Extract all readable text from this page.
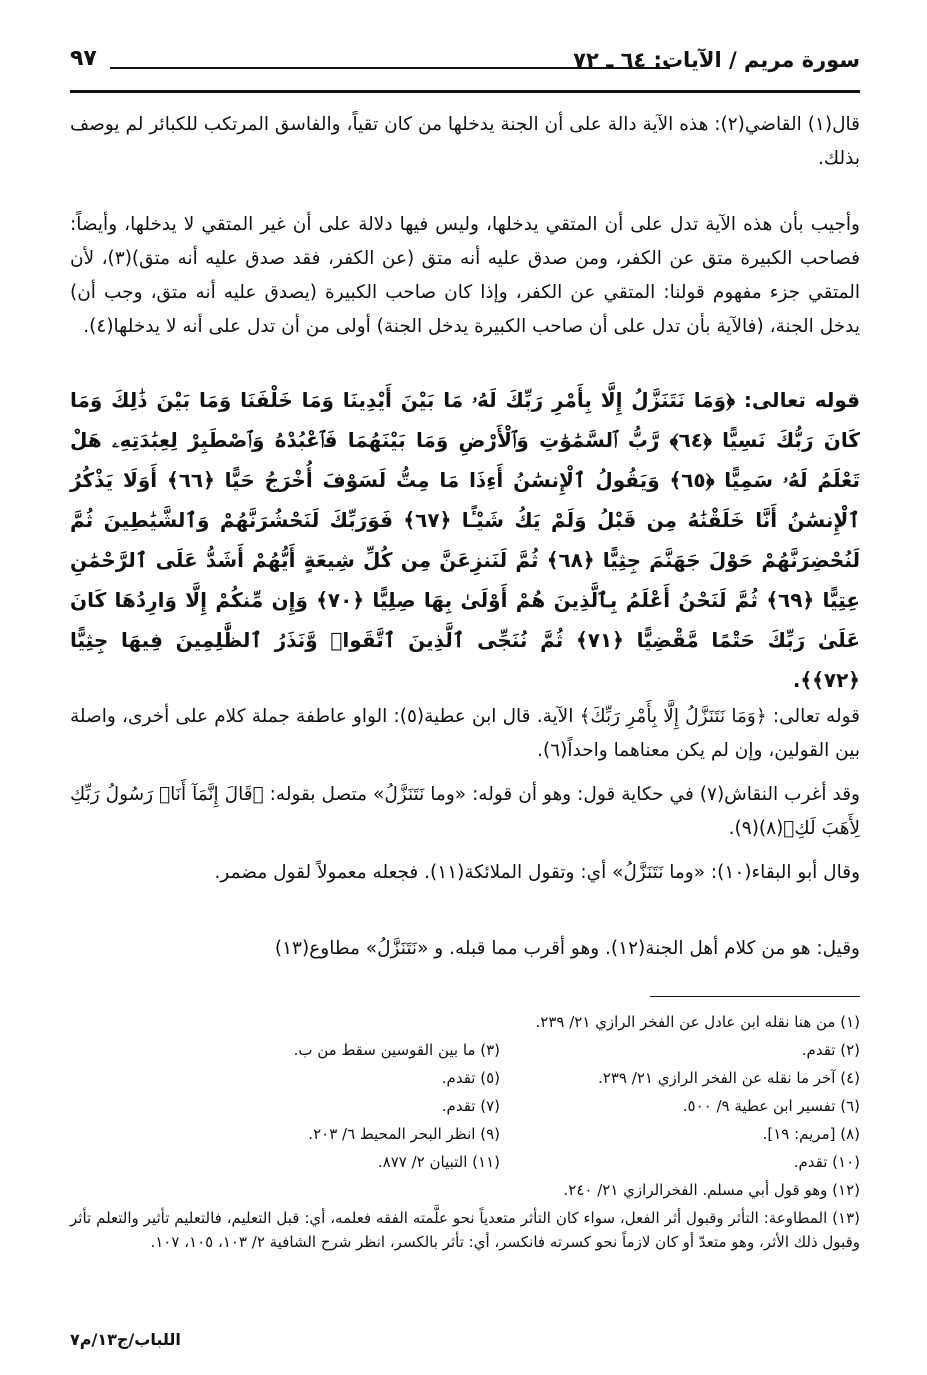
سورة مريم / الآيات: ٦٤ ـ ٧٢
٩٧

قال(١) القاضي(٢): هذه الآية دالة على أن الجنة يدخلها من كان تقياً، والفاسق المرتكب للكبائر لم يوصف بذلك.

وأجيب بأن هذه الآية تدل على أن المتقي يدخلها، وليس فيها دلالة على أن غير المتقي لا يدخلها، وأيضاً: فصاحب الكبيرة متق عن الكفر، ومن صدق عليه أنه متق (عن الكفر، فقد صدق عليه أنه متق)(٣)، لأن المتقي جزء مفهوم قولنا: المتقي عن الكفر، وإذا كان صاحب الكبيرة (يصدق عليه أنه متق، وجب أن) يدخل الجنة، (فالآية بأن تدل على أن صاحب الكبيرة يدخل الجنة) أولى من أن تدل على أنه لا يدخلها(٤).

قوله تعالى: ﴿وَمَا نَتَنَزَّلُ إِلَّا بِأَمْرِ رَبِّكَ لَهُۥ مَا بَيْنَ أَيْدِينَا وَمَا خَلْفَنَا وَمَا بَيْنَ ذَٰلِكَ وَمَا كَانَ رَبُّكَ نَسِيًّا ﴿٦٤﴾ رَّبُّ ٱلسَّمَٰوَٰتِ وَٱلْأَرْضِ وَمَا بَيْنَهُمَا فَٱعْبُدْهُ وَٱصْطَبِرْ لِعِبَٰدَتِهِۦ هَلْ تَعْلَمُ لَهُۥ سَمِيًّا ﴿٦٥﴾ وَيَقُولُ ٱلْإِنسَٰنُ أَءِذَا مَا مِتُّ لَسَوْفَ أُخْرَجُ حَيًّا ﴿٦٦﴾ أَوَلَا يَذْكُرُ ٱلْإِنسَٰنُ أَنَّا خَلَقْنَٰهُ مِن قَبْلُ وَلَمْ يَكُ شَيْـًٔا ﴿٦٧﴾ فَوَرَبِّكَ لَنَحْشُرَنَّهُمْ وَٱلشَّيَٰطِينَ ثُمَّ لَنُحْضِرَنَّهُمْ حَوْلَ جَهَنَّمَ جِثِيًّا ﴿٦٨﴾ ثُمَّ لَنَنزِعَنَّ مِن كُلِّ شِيعَةٍ أَيُّهُمْ أَشَدُّ عَلَى ٱلرَّحْمَٰنِ عِتِيًّا ﴿٦٩﴾ ثُمَّ لَنَحْنُ أَعْلَمُ بِٱلَّذِينَ هُمْ أَوْلَىٰ بِهَا صِلِيًّا ﴿٧٠﴾ وَإِن مِّنكُمْ إِلَّا وَارِدُهَا كَانَ عَلَىٰ رَبِّكَ حَتْمًا مَّقْضِيًّا ﴿٧١﴾ ثُمَّ نُنَجِّى ٱلَّذِينَ ٱتَّقَوا۟ وَّنَذَرُ ٱلظَّٰلِمِينَ فِيهَا جِثِيًّا ﴿٧٢﴾﴾.

قوله تعالى: ﴿وَمَا نَتَنَزَّلُ إِلَّا بِأَمْرِ رَبِّكَ﴾ الآية. قال ابن عطية(٥): الواو عاطفة جملة كلام على أخرى، واصلة بين القولين، وإن لم يكن معناهما واحداً(٦).

وقد أغرب النقاش(٧) في حكاية قول: وهو أن قوله: «وما نَتَنَزَّلُ» متصل بقوله: ﴿قَالَ إِنَّمَآ أَنَا۠ رَسُولُ رَبِّكِ لِأَهَبَ لَكِ﴾(٨)(٩).

وقال أبو البقاء(١٠): «وما نَتَنَزَّلُ» أي: وتقول الملائكة(١١). فجعله معمولاً لقول مضمر.

وقيل: هو من كلام أهل الجنة(١٢). وهو أقرب مما قبله. و «نَتَنَزَّلُ» مطاوع(١٣)

(١) من هنا نقله ابن عادل عن الفخر الرازي ٢١/ ٢٣٩.
(٢) تقدم.
(٣) ما بين القوسين سقط من ب.
(٤) آخر ما نقله عن الفخر الرازي ٢١/ ٢٣٩.
(٥) تقدم.
(٦) تفسير ابن عطية ٩/ ٥٠٠.
(٧) تقدم.
(٨) [مريم: ١٩].
(٩) انظر البحر المحيط ٦/ ٢٠٣.
(١٠) تقدم.
(١١) التبيان ٢/ ٨٧٧.
(١٢) وهو قول أبي مسلم. الفخرالرازي ٢١/ ٢٤٠.
(١٣) المطاوعة: التأثر وقبول أثر الفعل، سواء كان التأثر متعدياً نحو علَّمته الفقه فعلمه، أي: قبل التعليم، فالتعليم تأثير والتعلم تأثر وقبول ذلك الأثر، وهو متعدّ أو كان لازماً نحو كسرته فانكسر، أي: تأثر بالكسر، انظر شرح الشافية ٢/ ١٠٣، ١٠٥، ١٠٧.
اللباب/ج١٣/م٧
